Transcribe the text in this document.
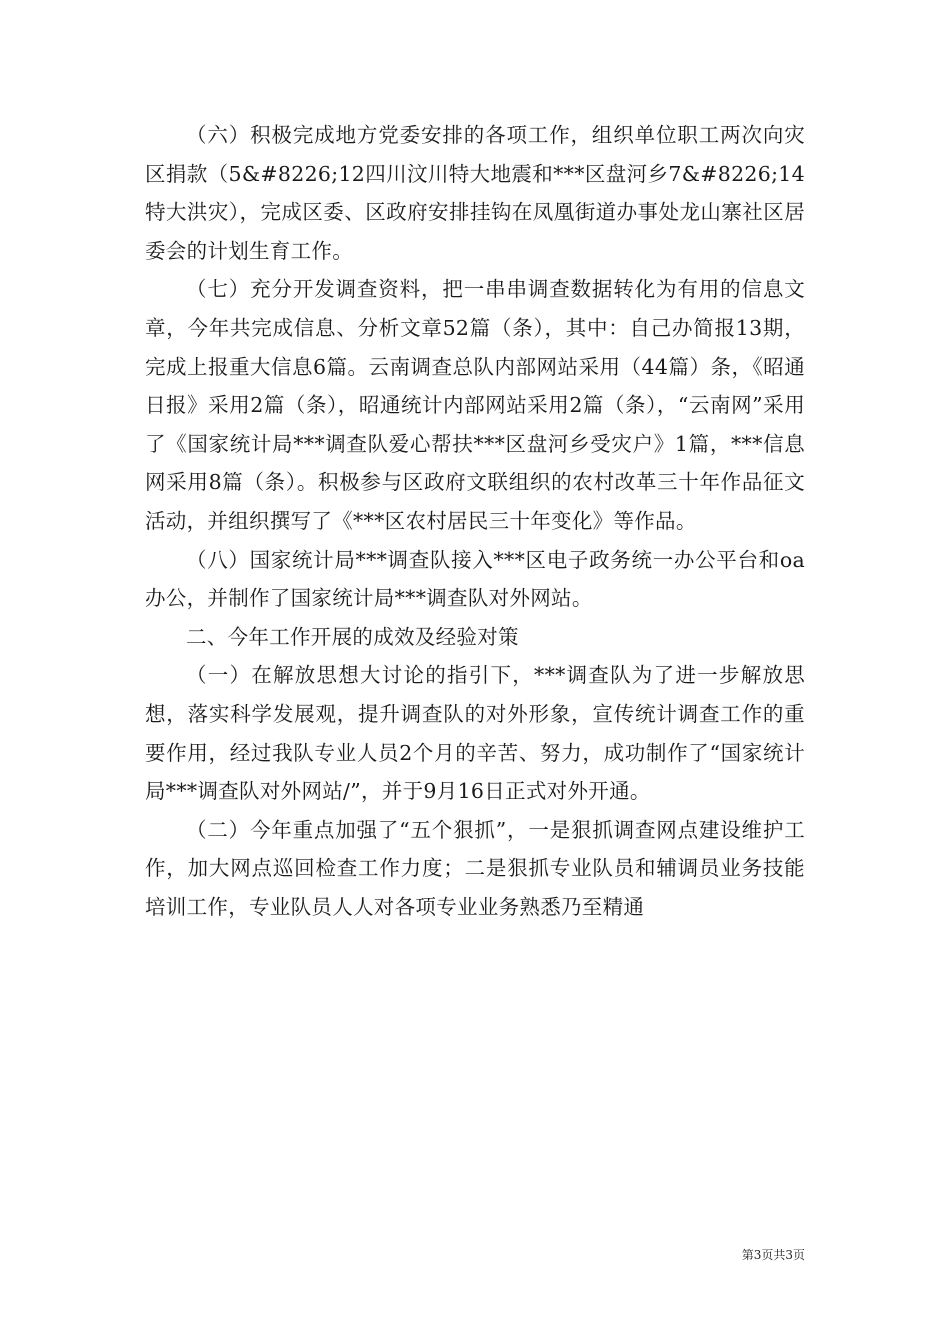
（六）积极完成地方党委安排的各项工作，组织单位职工两次向灾区捐款（5&#8226;12四川汶川特大地震和***区盘河乡7&#8226;14特大洪灾），完成区委、区政府安排挂钩在凤凰街道办事处龙山寨社区居委会的计划生育工作。

（七）充分开发调查资料，把一串串调查数据转化为有用的信息文章，今年共完成信息、分析文章52篇（条），其中：自己办简报13期，完成上报重大信息6篇。云南调查总队内部网站采用（44篇）条，《昭通日报》采用2篇（条），昭通统计内部网站采用2篇（条），“云南网”采用了《国家统计局***调查队爱心帮扶***区盘河乡受灾户》1篇，***信息网采用8篇（条）。积极参与区政府文联组织的农村改革三十年作品征文活动，并组织撰写了《***区农村居民三十年变化》等作品。

（八）国家统计局***调查队接入***区电子政务统一办公平台和oa办公，并制作了国家统计局***调查队对外网站。

二、今年工作开展的成效及经验对策

（一）在解放思想大讨论的指引下，***调查队为了进一步解放思想，落实科学发展观，提升调查队的对外形象，宣传统计调查工作的重要作用，经过我队专业人员2个月的辛苦、努力，成功制作了“国家统计局***调查队对外网站/”，并于9月16日正式对外开通。

（二）今年重点加强了“五个狠抓”，一是狠抓调查网点建设维护工作，加大网点巡回检查工作力度；二是狠抓专业队员和辅调员业务技能培训工作，专业队员人人对各项专业业务熟悉乃至精通

第3页共3页
